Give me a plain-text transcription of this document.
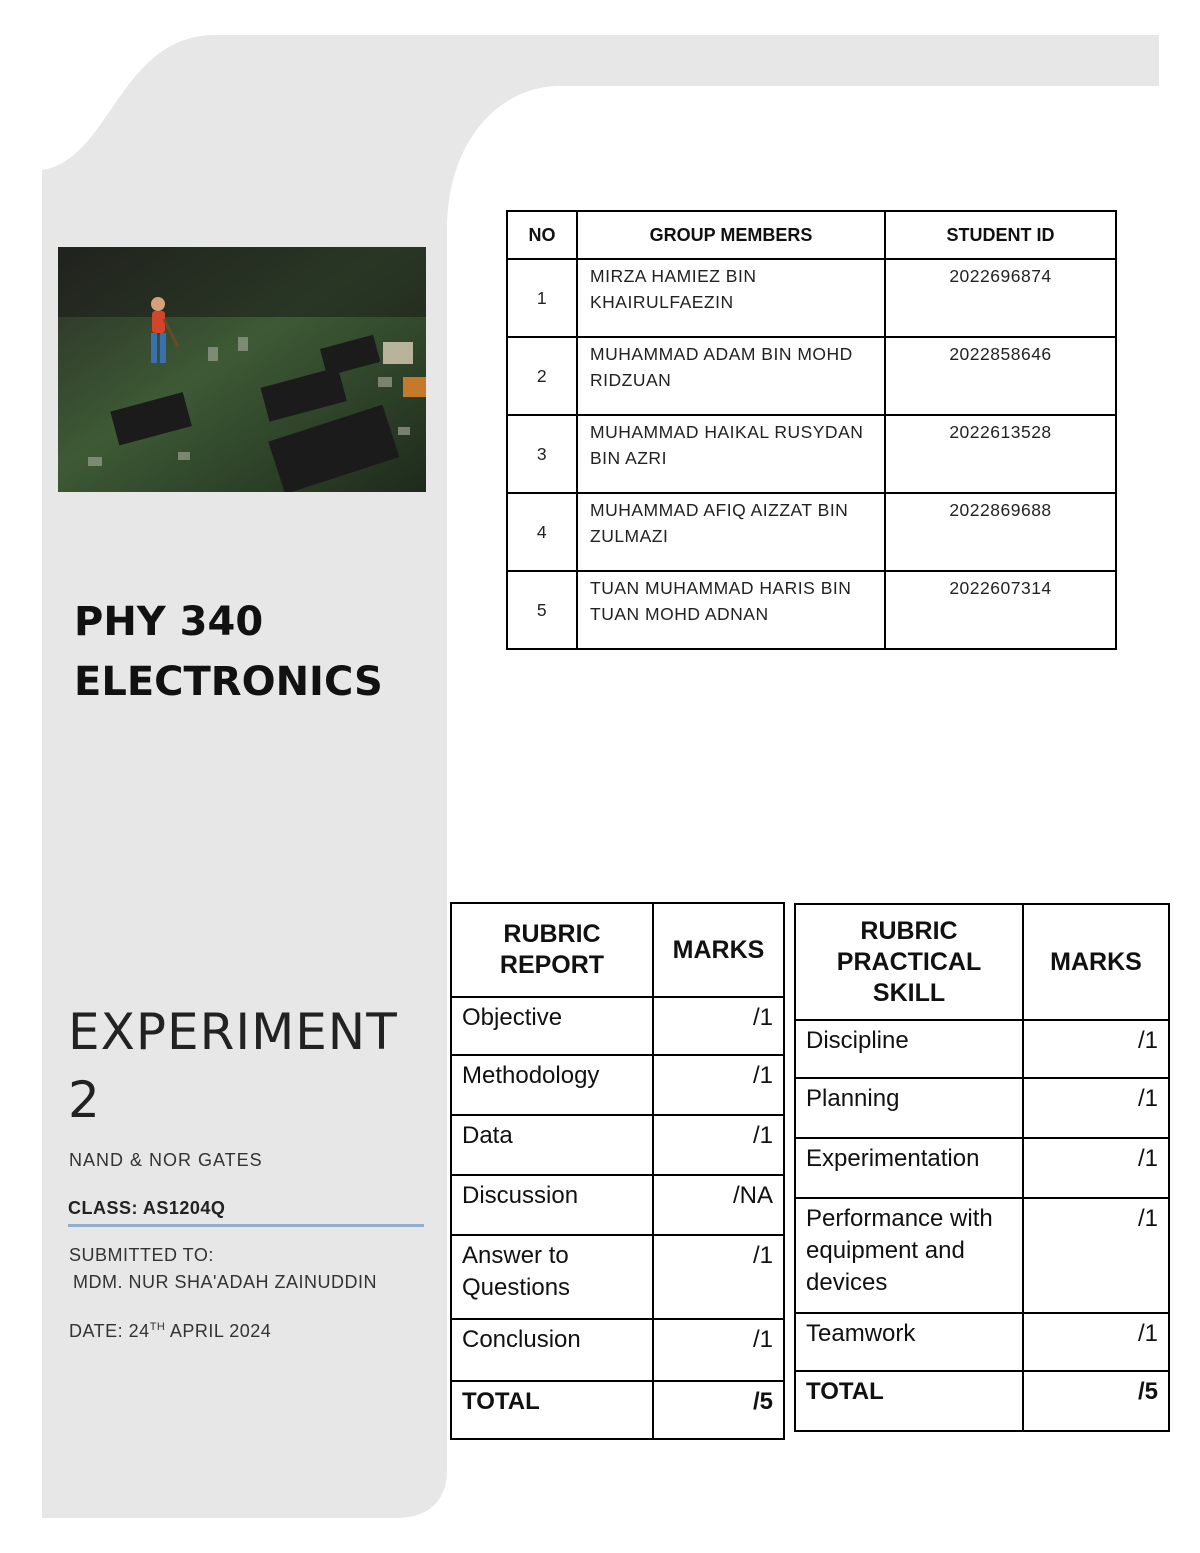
PHY 340
ELECTRONICS
EXPERIMENT
2
NAND & NOR GATES
CLASS: AS1204Q
SUBMITTED TO:
MDM. NUR SHA'ADAH ZAINUDDIN
DATE: 24TH APRIL 2024
NO	GROUP MEMBERS	STUDENT ID
1	MIRZA HAMIEZ BIN KHAIRULFAEZIN	2022696874
2	MUHAMMAD ADAM BIN MOHD RIDZUAN	2022858646
3	MUHAMMAD HAIKAL RUSYDAN BIN AZRI	2022613528
4	MUHAMMAD AFIQ AIZZAT BIN ZULMAZI	2022869688
5	TUAN MUHAMMAD HARIS BIN TUAN MOHD ADNAN	2022607314
RUBRIC REPORT	MARKS
Objective	/1
Methodology	/1
Data	/1
Discussion	/NA
Answer to Questions	/1
Conclusion	/1
TOTAL	/5
RUBRIC PRACTICAL SKILL	MARKS
Discipline	/1
Planning	/1
Experimentation	/1
Performance with equipment and devices	/1
Teamwork	/1
TOTAL	/5
